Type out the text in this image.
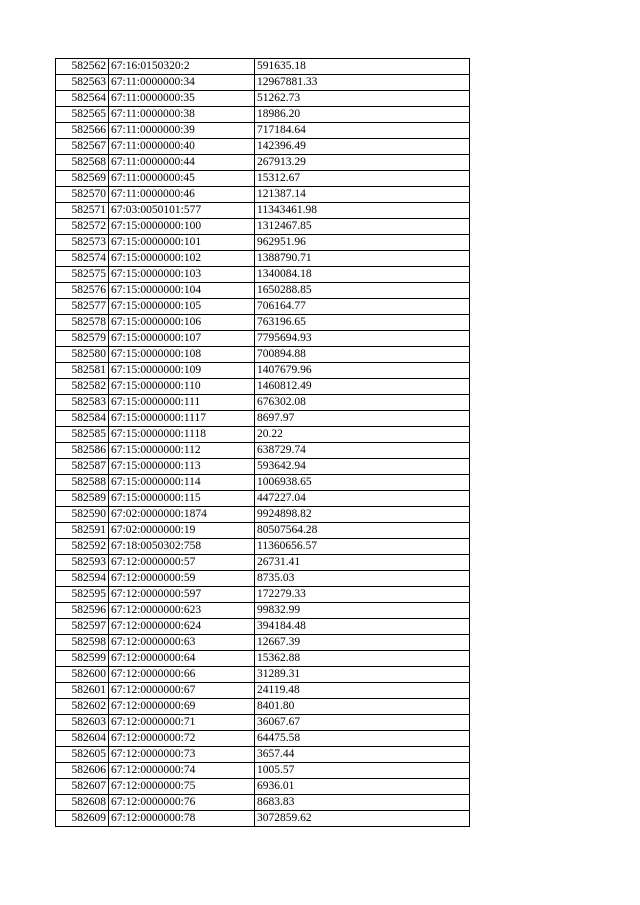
582562	67:16:0150320:2	591635.18
582563	67:11:0000000:34	12967881.33
582564	67:11:0000000:35	51262.73
582565	67:11:0000000:38	18986.20
582566	67:11:0000000:39	717184.64
582567	67:11:0000000:40	142396.49
582568	67:11:0000000:44	267913.29
582569	67:11:0000000:45	15312.67
582570	67:11:0000000:46	121387.14
582571	67:03:0050101:577	11343461.98
582572	67:15:0000000:100	1312467.85
582573	67:15:0000000:101	962951.96
582574	67:15:0000000:102	1388790.71
582575	67:15:0000000:103	1340084.18
582576	67:15:0000000:104	1650288.85
582577	67:15:0000000:105	706164.77
582578	67:15:0000000:106	763196.65
582579	67:15:0000000:107	7795694.93
582580	67:15:0000000:108	700894.88
582581	67:15:0000000:109	1407679.96
582582	67:15:0000000:110	1460812.49
582583	67:15:0000000:111	676302.08
582584	67:15:0000000:1117	8697.97
582585	67:15:0000000:1118	20.22
582586	67:15:0000000:112	638729.74
582587	67:15:0000000:113	593642.94
582588	67:15:0000000:114	1006938.65
582589	67:15:0000000:115	447227.04
582590	67:02:0000000:1874	9924898.82
582591	67:02:0000000:19	80507564.28
582592	67:18:0050302:758	11360656.57
582593	67:12:0000000:57	26731.41
582594	67:12:0000000:59	8735.03
582595	67:12:0000000:597	172279.33
582596	67:12:0000000:623	99832.99
582597	67:12:0000000:624	394184.48
582598	67:12:0000000:63	12667.39
582599	67:12:0000000:64	15362.88
582600	67:12:0000000:66	31289.31
582601	67:12:0000000:67	24119.48
582602	67:12:0000000:69	8401.80
582603	67:12:0000000:71	36067.67
582604	67:12:0000000:72	64475.58
582605	67:12:0000000:73	3657.44
582606	67:12:0000000:74	1005.57
582607	67:12:0000000:75	6936.01
582608	67:12:0000000:76	8683.83
582609	67:12:0000000:78	3072859.62
